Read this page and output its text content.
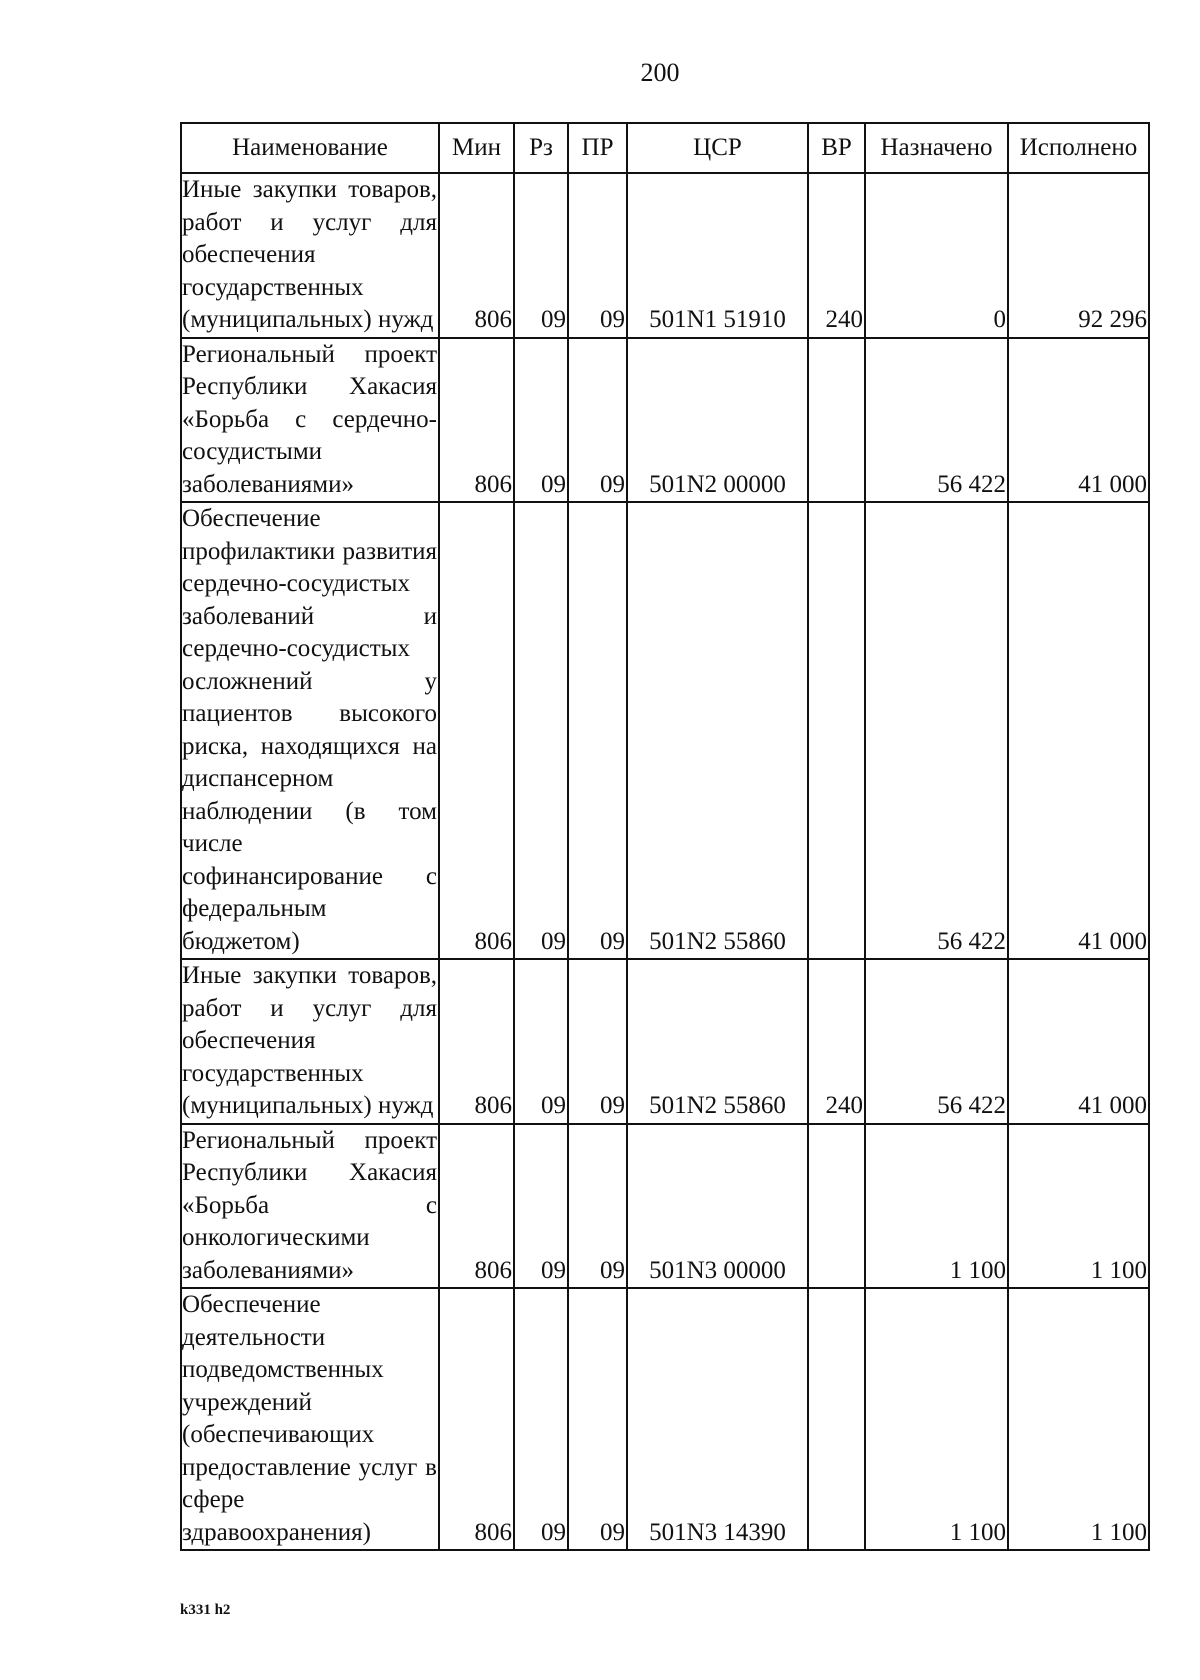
200
Наименование	Мин	Рз	ПР	ЦСР	ВР	Назначено	Исполнено
Иные закупки товаров, работ и услуг для обеспечения государственных (муниципальных) нужд	806	09	09	501N1 51910	240	0	92 296
Региональный проект Республики Хакасия «Борьба с сердечно-сосудистыми заболеваниями»	806	09	09	501N2 00000		56 422	41 000
Обеспечение профилактики развития сердечно-сосудистых заболеваний и сердечно-сосудистых осложнений у пациентов высокого риска, находящихся на диспансерном наблюдении (в том числе софинансирование с федеральным бюджетом)	806	09	09	501N2 55860		56 422	41 000
Иные закупки товаров, работ и услуг для обеспечения государственных (муниципальных) нужд	806	09	09	501N2 55860	240	56 422	41 000
Региональный проект Республики Хакасия «Борьба с онкологическими заболеваниями»	806	09	09	501N3 00000		1 100	1 100
Обеспечение деятельности подведомственных учреждений (обеспечивающих предоставление услуг в сфере здравоохранения)	806	09	09	501N3 14390		1 100	1 100
k331 h2
